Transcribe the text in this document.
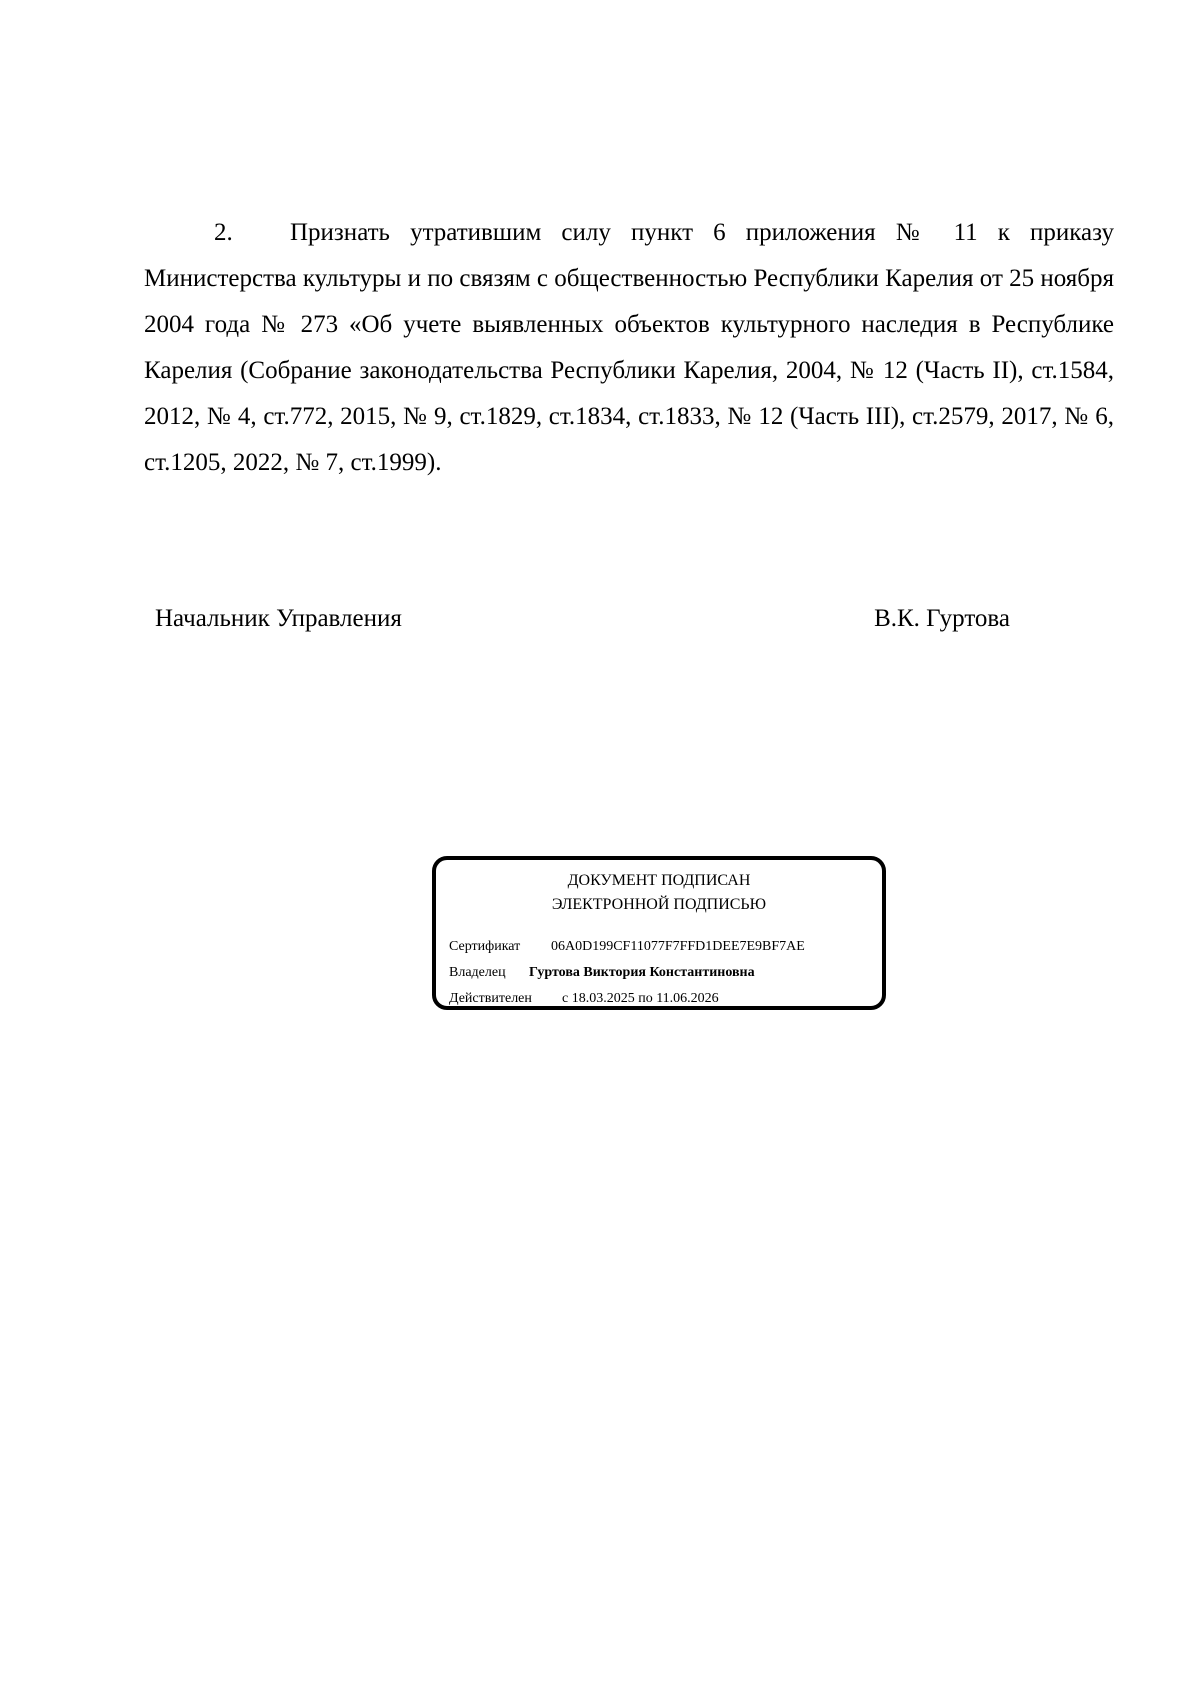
2. Признать утратившим силу пункт 6 приложения № 11 к приказу Министерства культуры и по связям с общественностью Республики Карелия от 25 ноября 2004 года № 273 «Об учете выявленных объектов культурного наследия в Республике Карелия (Собрание законодательства Республики Карелия, 2004, № 12 (Часть II), ст.1584, 2012, № 4, ст.772, 2015, № 9, ст.1829, ст.1834, ст.1833, № 12 (Часть III), ст.2579, 2017, № 6, ст.1205, 2022, № 7, ст.1999).
Начальник Управления	В.К. Гуртова
ДОКУМЕНТ ПОДПИСАН
ЭЛЕКТРОННОЙ ПОДПИСЬЮ
Сертификат	06A0D199CF11077F7FFD1DEE7E9BF7AE
Владелец	Гуртова Виктория Константиновна
Действителен	с 18.03.2025 по 11.06.2026
